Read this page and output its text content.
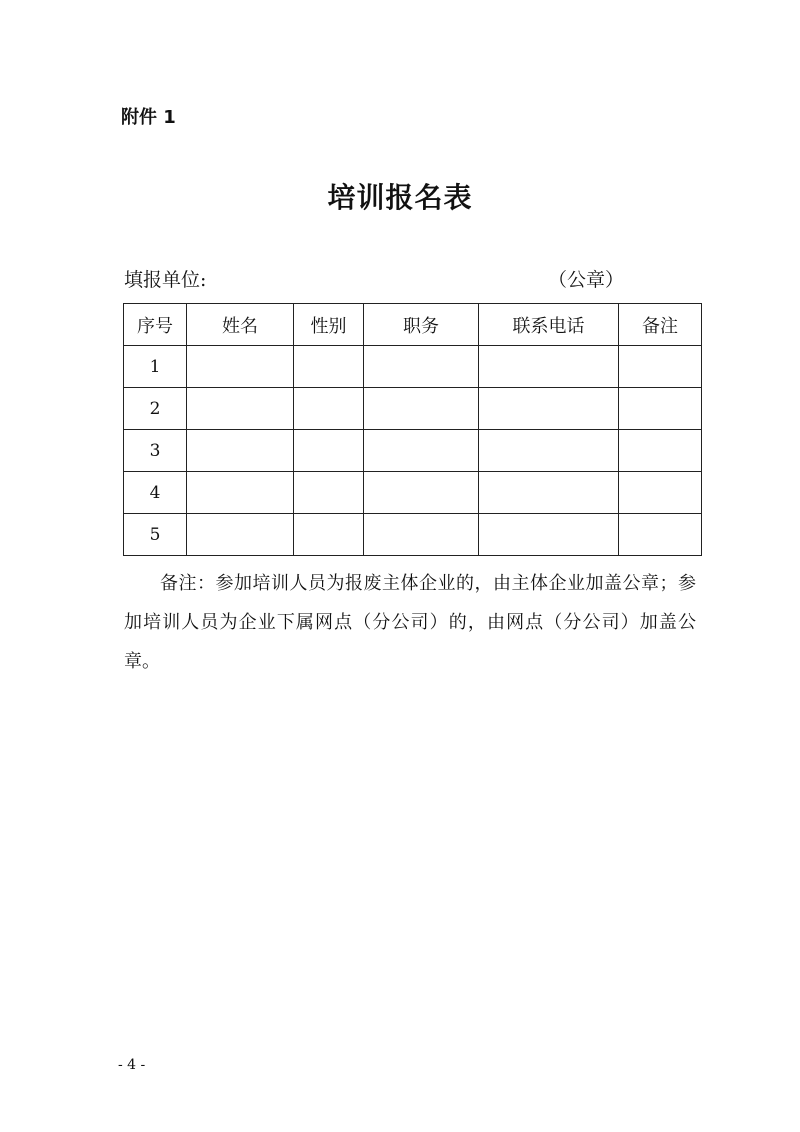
附件 1
培训报名表
填报单位:	（公章）
序号	姓名	性别	职务	联系电话	备注
1					
2					
3					
4					
5					

备注：参加培训人员为报废主体企业的，由主体企业加盖公章；参加培训人员为企业下属网点（分公司）的，由网点（分公司）加盖公章。

- 4 -
